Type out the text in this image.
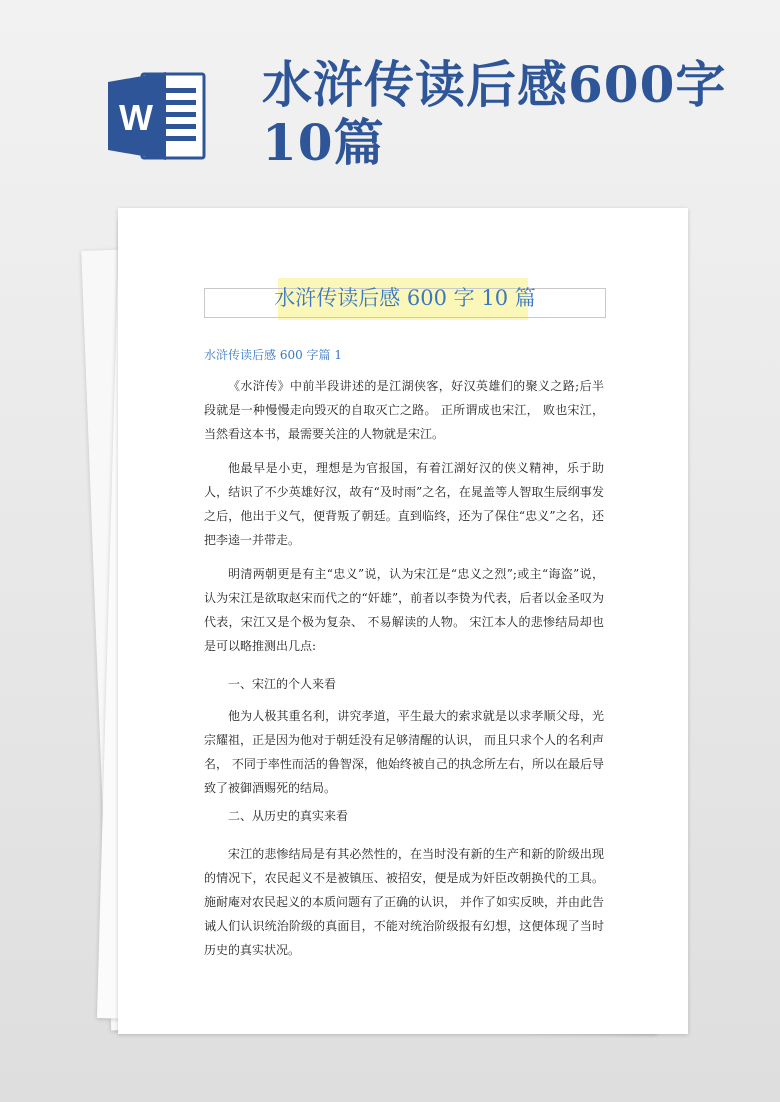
W
水浒传读后感600字10篇
水浒传读后感 600 字 10 篇
水浒传读后感 600 字篇 1

《水浒传》中前半段讲述的是江湖侠客，好汉英雄们的聚义之路;后半段就是一种慢慢走向毁灭的自取灭亡之路。 正所谓成也宋江， 败也宋江， 当然看这本书，最需要关注的人物就是宋江。

他最早是小吏，理想是为官报国，有着江湖好汉的侠义精神，乐于助人，结识了不少英雄好汉，故有“及时雨”之名，在晁盖等人智取生辰纲事发之后，他出于义气，便背叛了朝廷。直到临终，还为了保住“忠义”之名，还把李逵一并带走。

明清两朝更是有主“忠义”说，认为宋江是“忠义之烈”;或主“诲盗”说，认为宋江是欲取赵宋而代之的“奸雄”，前者以李贽为代表，后者以金圣叹为代表，宋江又是个极为复杂、 不易解读的人物。 宋江本人的悲惨结局却也是可以略推测出几点:

一、宋江的个人来看

他为人极其重名利，讲究孝道，平生最大的索求就是以求孝顺父母，光宗耀祖，正是因为他对于朝廷没有足够清醒的认识， 而且只求个人的名利声名， 不同于率性而活的鲁智深，他始终被自己的执念所左右，所以在最后导致了被御酒赐死的结局。

二、从历史的真实来看

宋江的悲惨结局是有其必然性的，在当时没有新的生产和新的阶级出现的情况下，农民起义不是被镇压、被招安，便是成为奸臣改朝换代的工具。施耐庵对农民起义的本质问题有了正确的认识， 并作了如实反映，并由此告诫人们认识统治阶级的真面目，不能对统治阶级报有幻想，这便体现了当时历史的真实状况。
